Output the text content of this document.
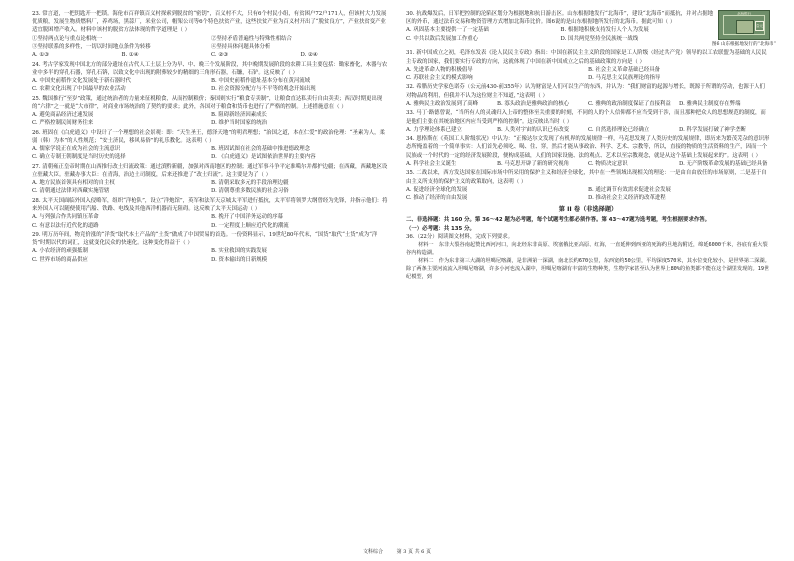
23. 常言道，一把钥匙开一把锁。海伦市百祥镇百义村探索到脱贫的“密钥”，百义村不大，只有6个村民小组，有贫困户72户171人，但该村大力发展优质粮，发展生物质燃料厂，养鸡场，黑蒜厂，米业公司，帽架公司等6个特色扶贫产业，这些扶贫产业为百义村开出了“脱贫良方”，产业扶贫变产业适宜脱困增产收入。材料中该村的脱贫方法体现的哲学道理是（ ）
①坚持两点论与重点论相统一	②坚持矛盾普遍性与特殊性相结合
③坚持联系的多样性，一切以时间地点条件为转移	④坚持具体问题具体分析
A. ①③	B. ①④	C. ②③	D. ②④
24. 考古学家发现中国北方的部分遗址在古代人工土层上分为早、中、晚三个发展阶段，其中晚期发展阶段的农耕工具主要包括：锄家畜化，木器与农业中多半的穿孔石器，穿孔石锛，以致文化中出现的附葬较少的精细的三角形石器，石镰，石铲。这反映了（ ）
A. 中国史前稻作文化发展处于新石器时代	B. 中国史前稻作遗址基本分布在黄河流域
C. 农耕文化出现了中国最早的农业活动	D. 社会资源分配方与不平等的观念开始出现
25. 魏国推行“至岁”政策，通过统治者的力量来征税粮食，从而控制粮价；秦国则实行“粮食专卖制”，让粮食直达私卖行自由卖卖；西汉时期更出现的“六律”之一就是“大市律”，对商业市场统治的了契约的要求；此外，各国对于粮食和货币也进行了严格的控制。上述措施意在（ ）
A. 避免商品经济过速发展	B. 阻碍新经济因素成长
C. 严格控制民间财务往来	D. 维护当时国家的统治
26. 班固在《白虎通义》中设计了一个理想的社会景观：即：“天生圣王，德泽天地”的明君理想；“治国之道，本在仁爱”的政治伦理：“圣素为人，柔弱（韩）为本”的人性规范；“安土济民，移风易俗”的礼乐教化。这表明（ ）
A. 儒家学说正在成为社会的主流意识	B. 班固试图在社会的基础中推进德政理念
C. 确立专制王朝制度是当时历史的选择	D. 《白虎通义》是试图依治世界的主要内容
27. 清朝雍正皇帝时期在山西推行改土归流政策：通过滇黔新疆，加强对西南地区的控制；通过军事斗争平定准噶尔并都护边疆；在西藏，西藏地区设立驻藏大臣。驻藏办事大臣：在青海，治边土司制度，后来还推进了“改土归流”。这主要是为了（ ）
A. 地方民族首领具有相对的自主权	B. 清朝采取多元的手段治理边疆
C. 清朝通过法律对西藏实施管辖	D. 清朝尊重多数民族的社会习俗
28. 太平天国面临外国入侵略军，组织“洋枪队”，设立“洋炮馆”，英军和法军天京城太平军进行抵抗，太平军将领罗大纲曾经为先锋，并指示他们：将来外国人可以随便使用汽船、铁路、电线及其他西洋机器而无阻碍。这反映了太平天国运动（ ）
A. 与列强合作共同镇压革命	B. 挽开了中国洋务运动的序幕
C. 有意以法行近代化的道路	D. 一定程度上顺应近代化的潮流
29. 明万历年间，物竞价涨的“洋货”取代本土产品的“土货”做成了中国贸易的首选。一份资料显示，19世纪80年代末，“国货”取代“土货”成为“洋货”时期以代的词汇，这就变化民众的快速化。这种变化得益于（ ）
A. 小农经济的顽强抵制	B. 实业救国的实践发展
C. 世界市场的商品供应	D. 资本输出的日新规模
30. 抗战爆发后，日军把控制的沦陷区划分为根据地和抗日游击区。山东根据地发行“北海币”，建设“北海币”而抵抗，并对占据地区的外币，通过法币交易和物资管理方式增加北海币比价。图6说的是山东根据地所发行的北海币。据此可知（ ）
A. 巩固基本主要提供一了一定基础	B. 根据地积极支持发行人个人为发展
C. 中共以敌后发展加工作重心	D. 国共两党坚持全民族统一战线
北海银行
壹元
图6 山东根据地发行的“北海币”
31. 新中国成立之初，毛泽东发表《论人民民主专政》指出：中国在新民主主义阶段的国家是工人阶级（经过共产党）领导的以工农联盟为基础的人民民主专政的国家，我们要实行专政的方向，这就体现了中国在新中国成立之后的基础政策的方向是（ ）
A. 先进革命人物的积极倡导	B. 社会主义革命基础已经具备
C. 苏联社会主义的模式影响	D. 马克思主义民族理论的指导
32. 希腊历史学家色诺芬（公元前430-前355年）认为财富是人们可以生产的东西，并认为：“我们财富的起源与增长，既源于所谓的劳动，也源于人们对物品的利用，但我并不认为这位财主不知道，”这表明（ ）
A. 雅典民主政治发展到了高峰	B. 寡头政治是雅典政治的核心	C. 雅典的政治制度保证了直接利益	D. 雅典民主制度存在弊端
33. 马丁·路德曾说，“当所有人的灵魂归入上帝的整体至关重要的时刻，不同的人的个人信仰都不应当受到干涉，而且那种把众人的思想规范的制度，而是他们主张在其统治地区内应当受到严格的控制”。这反映出当时（ ）
A. 力学理论体系已建立	B. 人类对宇宙的认识已有改变	C. 自然选择理论已经确立	D. 科学发展打破了神学垄断
34. 恩格斯在《英国工人阶级状况》中认为：“正像达尔文发现了有机界的发展规律一样，马克思发现了人类历史的发展规律，即历来为繁茂芜杂的意识形态所掩盖着的一个简单事实：人们首先必须吃、喝、住、穿，然后才能从事政治、科学、艺术、宗教等，所以，直接的物质的生活资料的生产，因而一个民族或一个时代的一定的经济发展阶段，便构成基础，人们的国家设施、法的观点、艺术以至宗教观念，就是从这个基础上发展起来的”。这表明（ ）
A. 科学社会主义诞生	B. 马克思开辟了新的研究视角	C. 物质决定意识	D. 无产阶级革命发展的基础已经具备
35. 二战以来，西方发达国家在国际市场中所采用的保护主义和经济全球化，其中在一些领域出现相关的理论：一是由自由放任的市场原则，二是基于自由主义所支持的保护主义的政策取向，这表明（ ）
A. 促进经济全球化的发展	B. 通过调节有效需求促进社会发展
C. 推动了经济的自由发展	D. 推动社会主义经济的改革进程
第 II 卷（非选择题）
二、非选择题：共 160 分。第 36～42 题为必考题，每个试题考生都必须作答。第 43～47题为选考题，考生根据要求作答。
（一）必考题：共 135 分。
36.（22分）阅读图文材料，完成下列要求。
材料一　东非大裂谷南起赞比西河河口，向北经东非高原、埃塞俄比亚高原、红海，一直延伸到西亚的死海约旦地沟附近，绵延6000千米，谷底有重大裂谷内构造湖。
材料二　作为东非第三大湖的坦噶尼喀湖，是非洲第一深湖，南北长约670公里，东西宽约50公里，平均深度570米，其水位变化较小，是世界第二深湖。除了两条主要河流流入坦噶尼喀湖，许多小河也流入湖中，坦噶尼喀湖有丰富的生物种类，生物学家甚至认为世界上80%的鱼类都不能在这个湖里发现的。19世纪模型，到
文科综合	第 3 页 共 6 页
